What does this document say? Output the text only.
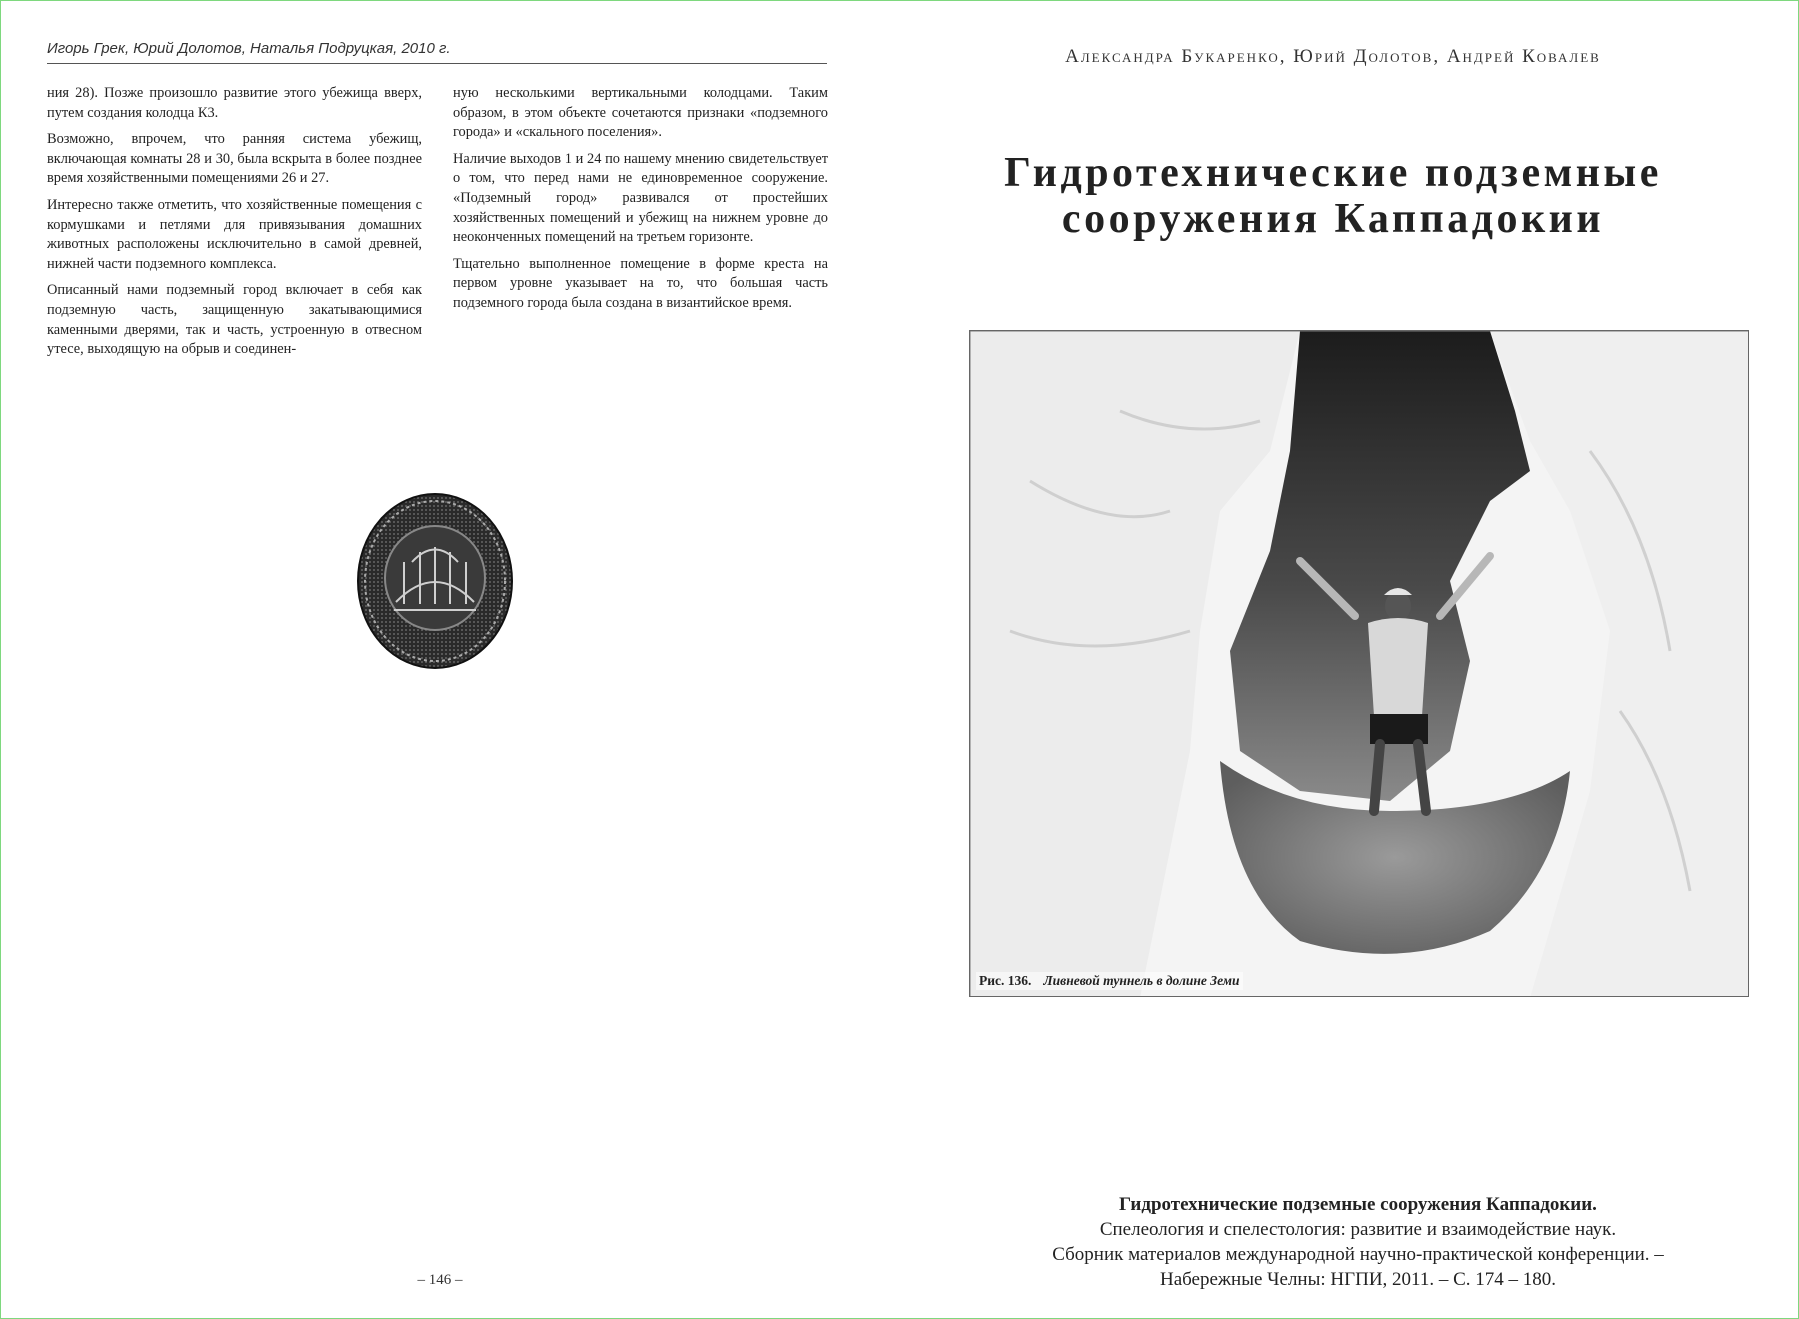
Игорь Грек, Юрий Долотов, Наталья Подруцкая, 2010 г.

ния 28). Позже произошло развитие этого убежища вверх, путем создания колодца К3.

Возможно, впрочем, что ранняя система убежищ, включающая комнаты 28 и 30, была вскрыта в более позднее время хозяйственными помещениями 26 и 27.

Интересно также отметить, что хозяйственные помещения с кормушками и петлями для привязывания домашних животных расположены исключительно в самой древней, нижней части подземного комплекса.

Описанный нами подземный город включает в себя как подземную часть, защищенную закатывающимися каменными дверями, так и часть, устроенную в отвесном утесе, выходящую на обрыв и соединен-

ную несколькими вертикальными колодцами. Таким образом, в этом объекте сочетаются признаки «подземного города» и «скального поселения».

Наличие выходов 1 и 24 по нашему мнению свидетельствует о том, что перед нами не единовременное сооружение. «Подземный город» развивался от простейших хозяйственных помещений и убежищ на нижнем уровне до неоконченных помещений на третьем горизонте.

Тщательно выполненное помещение в форме креста на первом уровне указывает на то, что большая часть подземного города была создана в византийское время.

– 146 –
Александра Букаренко, Юрий Долотов, Андрей Ковалев
Гидротехнические подземные
сооружения Каппадокии
Рис. 136. Ливневой туннель в долине Земи
Гидротехнические подземные сооружения Каппадокии.
Спелеология и спелестология: развитие и взаимодействие наук.
Сборник материалов международной научно-практической конференции. –
Набережные Челны: НГПИ, 2011. – С. 174 – 180.
